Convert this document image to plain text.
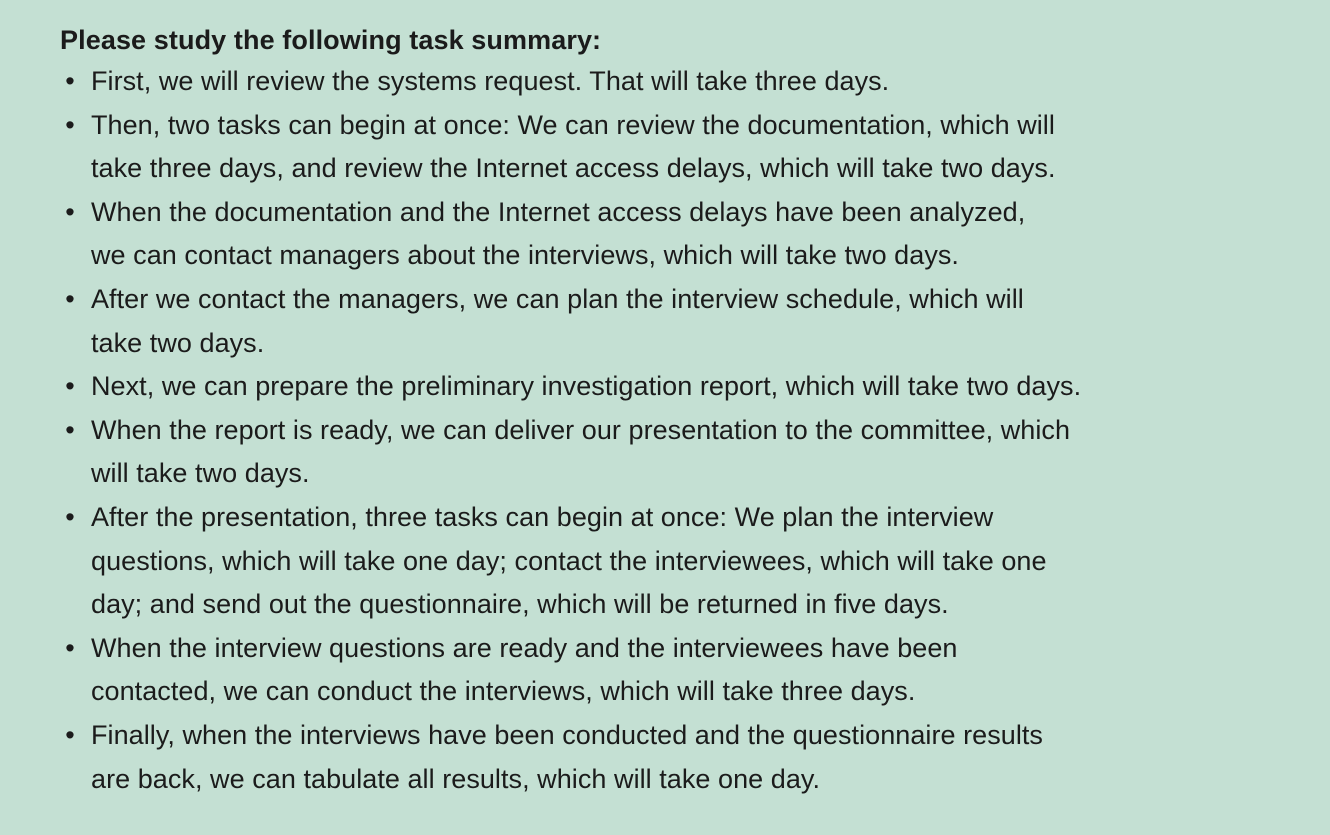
Please study the following task summary:

• First, we will review the systems request. That will take three days.
• Then, two tasks can begin at once: We can review the documentation, which will
take three days, and review the Internet access delays, which will take two days.
• When the documentation and the Internet access delays have been analyzed,
we can contact managers about the interviews, which will take two days.
• After we contact the managers, we can plan the interview schedule, which will
take two days.
• Next, we can prepare the preliminary investigation report, which will take two days.
• When the report is ready, we can deliver our presentation to the committee, which
will take two days.
• After the presentation, three tasks can begin at once: We plan the interview
questions, which will take one day; contact the interviewees, which will take one
day; and send out the questionnaire, which will be returned in five days.
• When the interview questions are ready and the interviewees have been
contacted, we can conduct the interviews, which will take three days.
• Finally, when the interviews have been conducted and the questionnaire results
are back, we can tabulate all results, which will take one day.
